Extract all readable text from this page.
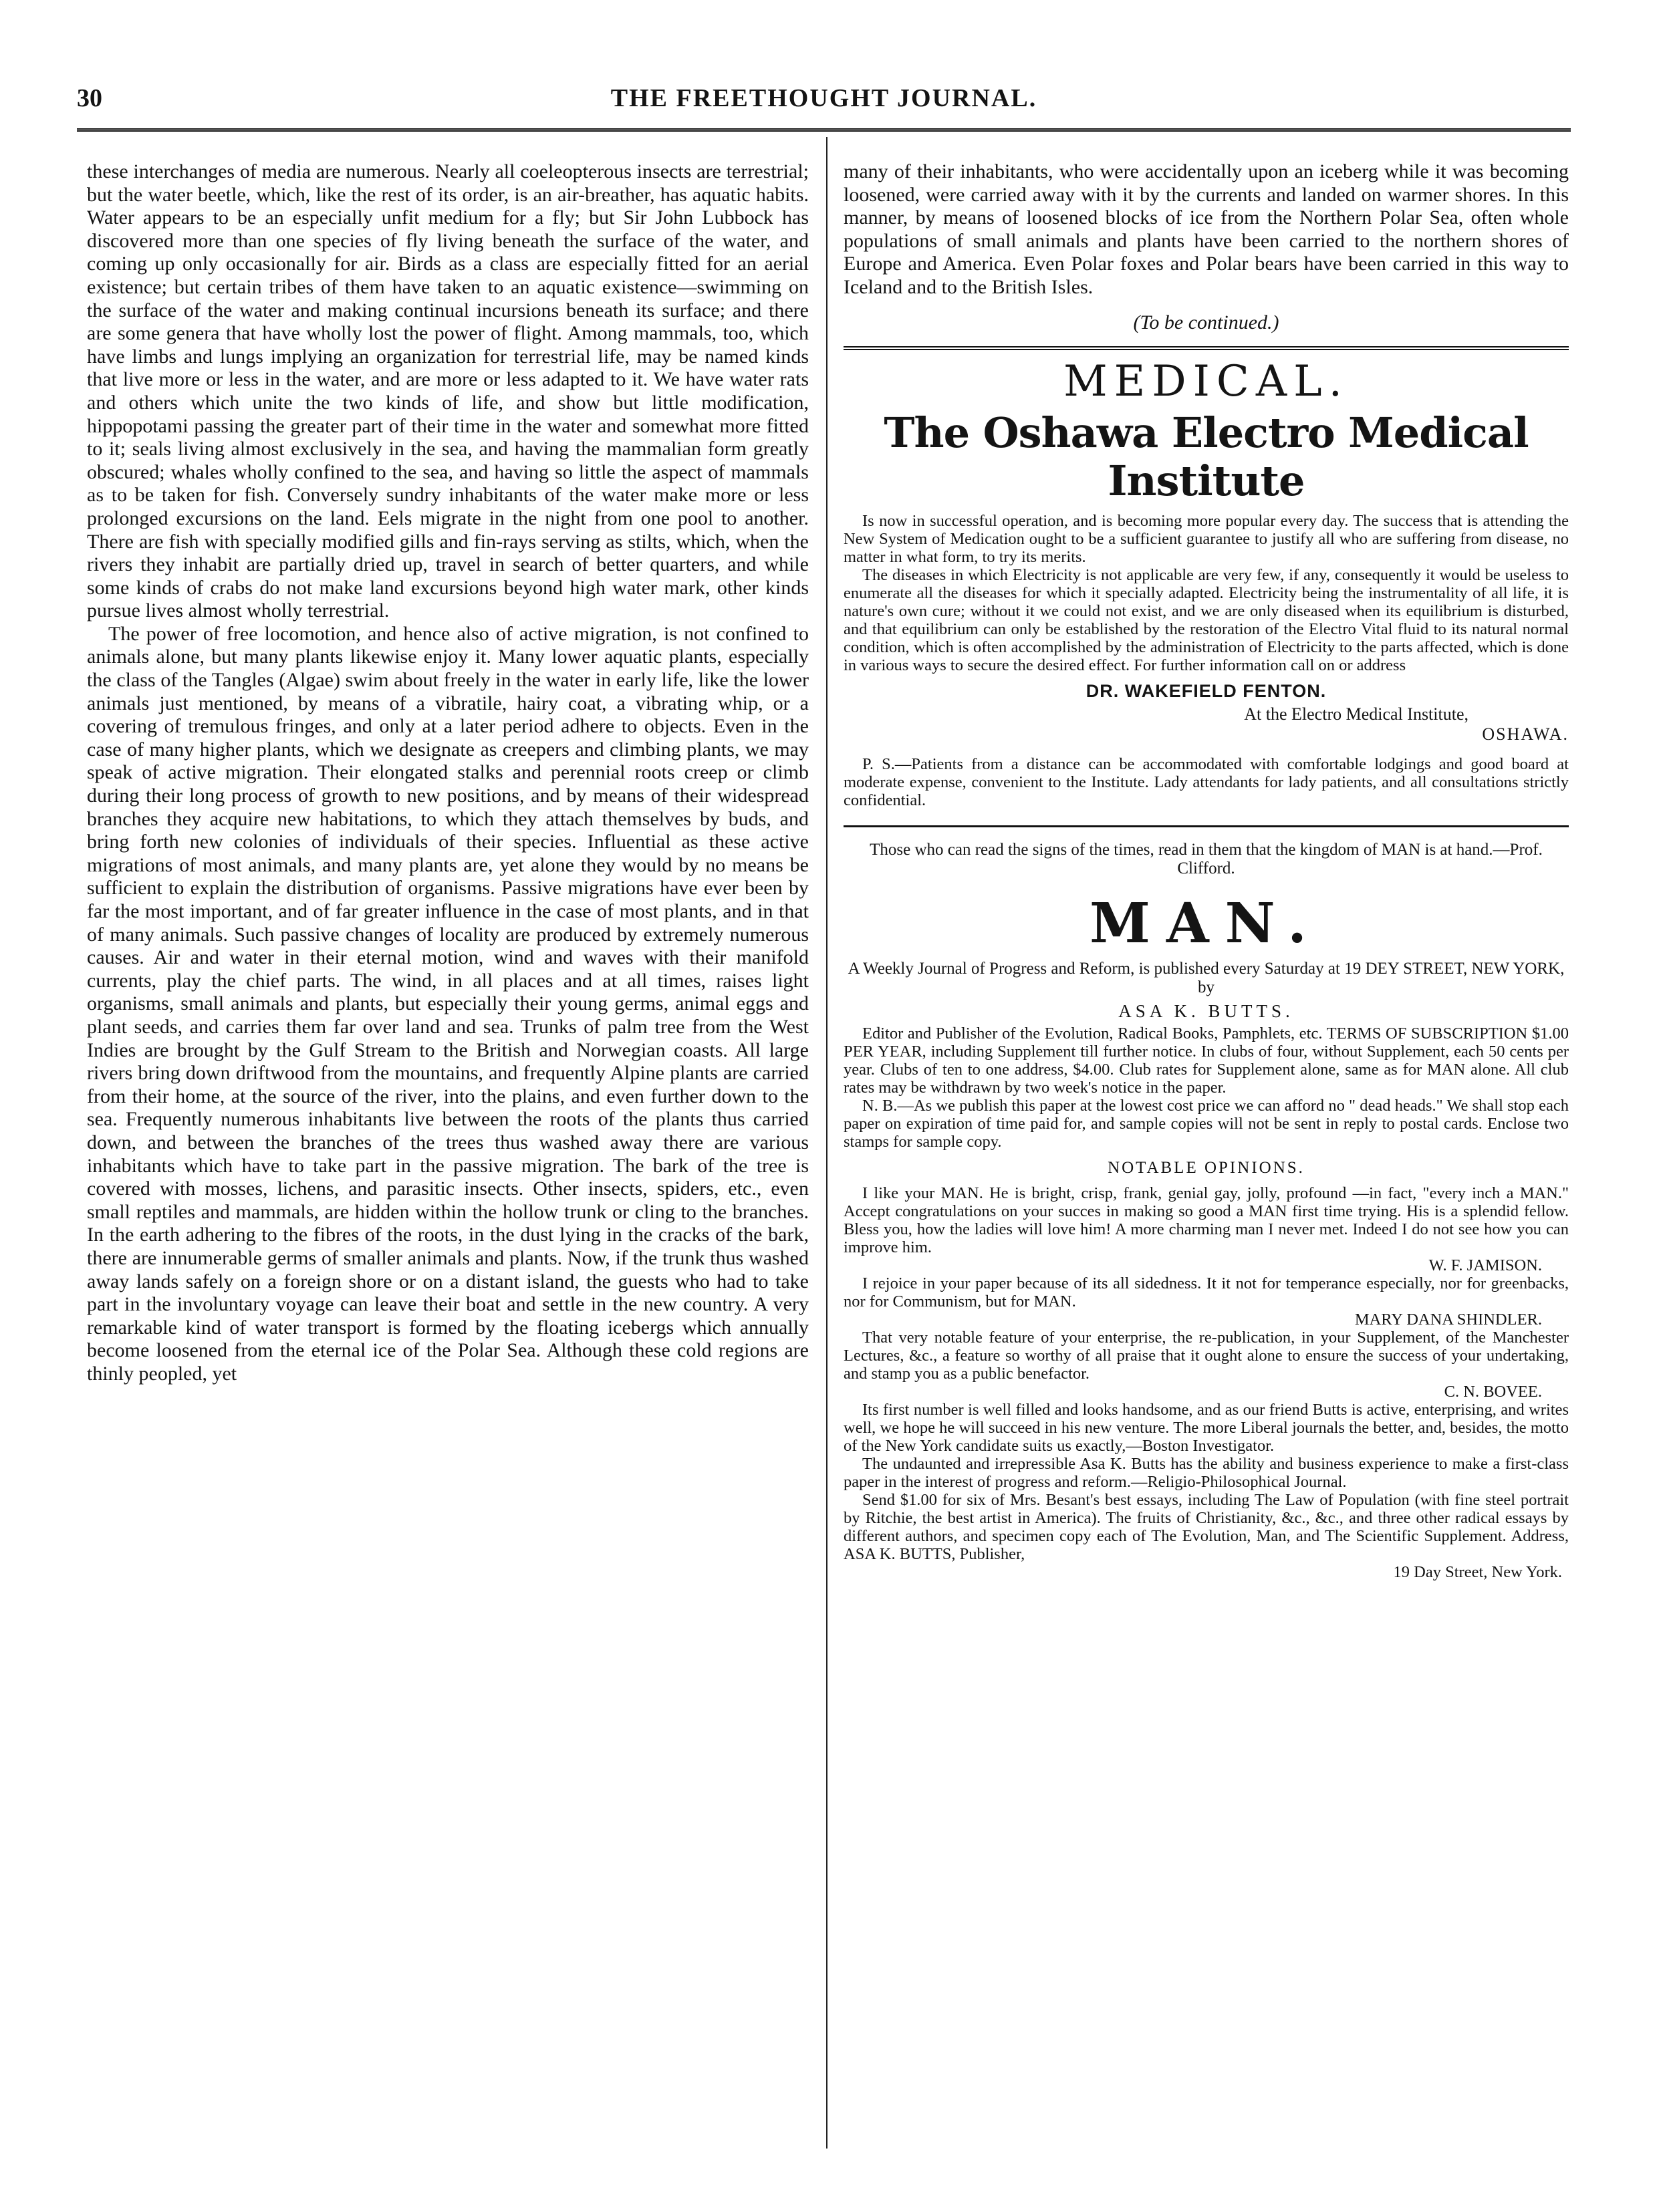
30	THE FREETHOUGHT JOURNAL.

these interchanges of media are numerous. Nearly all coeleopterous insects are terrestrial; but the water beetle, which, like the rest of its order, is an air-breather, has aquatic habits. Water appears to be an especially unfit medium for a fly; but Sir John Lubbock has discovered more than one species of fly living beneath the surface of the water, and coming up only occasionally for air. Birds as a class are especially fitted for an aerial existence; but certain tribes of them have taken to an aquatic existence—swimming on the surface of the water and making continual incursions beneath its surface; and there are some genera that have wholly lost the power of flight. Among mammals, too, which have limbs and lungs implying an organization for terrestrial life, may be named kinds that live more or less in the water, and are more or less adapted to it. We have water rats and others which unite the two kinds of life, and show but little modification, hippopotami passing the greater part of their time in the water and somewhat more fitted to it; seals living almost exclusively in the sea, and having the mammalian form greatly obscured; whales wholly confined to the sea, and having so little the aspect of mammals as to be taken for fish. Conversely sundry inhabitants of the water make more or less prolonged excursions on the land. Eels migrate in the night from one pool to another. There are fish with specially modified gills and fin-rays serving as stilts, which, when the rivers they inhabit are partially dried up, travel in search of better quarters, and while some kinds of crabs do not make land excursions beyond high water mark, other kinds pursue lives almost wholly terrestrial.

The power of free locomotion, and hence also of active migration, is not confined to animals alone, but many plants likewise enjoy it. Many lower aquatic plants, especially the class of the Tangles (Algae) swim about freely in the water in early life, like the lower animals just mentioned, by means of a vibratile, hairy coat, a vibrating whip, or a covering of tremulous fringes, and only at a later period adhere to objects. Even in the case of many higher plants, which we designate as creepers and climbing plants, we may speak of active migration. Their elongated stalks and perennial roots creep or climb during their long process of growth to new positions, and by means of their widespread branches they acquire new habitations, to which they attach themselves by buds, and bring forth new colonies of individuals of their species. Influential as these active migrations of most animals, and many plants are, yet alone they would by no means be sufficient to explain the distribution of organisms. Passive migrations have ever been by far the most important, and of far greater influence in the case of most plants, and in that of many animals. Such passive changes of locality are produced by extremely numerous causes. Air and water in their eternal motion, wind and waves with their manifold currents, play the chief parts. The wind, in all places and at all times, raises light organisms, small animals and plants, but especially their young germs, animal eggs and plant seeds, and carries them far over land and sea. Trunks of palm tree from the West Indies are brought by the Gulf Stream to the British and Norwegian coasts. All large rivers bring down driftwood from the mountains, and frequently Alpine plants are carried from their home, at the source of the river, into the plains, and even further down to the sea. Frequently numerous inhabitants live between the roots of the plants thus carried down, and between the branches of the trees thus washed away there are various inhabitants which have to take part in the passive migration. The bark of the tree is covered with mosses, lichens, and parasitic insects. Other insects, spiders, etc., even small reptiles and mammals, are hidden within the hollow trunk or cling to the branches. In the earth adhering to the fibres of the roots, in the dust lying in the cracks of the bark, there are innumerable germs of smaller animals and plants. Now, if the trunk thus washed away lands safely on a foreign shore or on a distant island, the guests who had to take part in the involuntary voyage can leave their boat and settle in the new country. A very remarkable kind of water transport is formed by the floating icebergs which annually become loosened from the eternal ice of the Polar Sea. Although these cold regions are thinly peopled, yet

many of their inhabitants, who were accidentally upon an iceberg while it was becoming loosened, were carried away with it by the currents and landed on warmer shores. In this manner, by means of loosened blocks of ice from the Northern Polar Sea, often whole populations of small animals and plants have been carried to the northern shores of Europe and America. Even Polar foxes and Polar bears have been carried in this way to Iceland and to the British Isles.

(To be continued.)
MEDICAL.
The Oshawa Electro Medical Institute

Is now in successful operation, and is becoming more popular every day. The success that is attending the New System of Medication ought to be a sufficient guarantee to justify all who are suffering from disease, no matter in what form, to try its merits.

The diseases in which Electricity is not applicable are very few, if any, consequently it would be useless to enumerate all the diseases for which it specially adapted. Electricity being the instrumentality of all life, it is nature's own cure; without it we could not exist, and we are only diseased when its equilibrium is disturbed, and that equilibrium can only be established by the restoration of the Electro Vital fluid to its natural normal condition, which is often accomplished by the administration of Electricity to the parts affected, which is done in various ways to secure the desired effect. For further information call on or address

DR. WAKEFIELD FENTON.
At the Electro Medical Institute,
OSHAWA.

P. S.—Patients from a distance can be accommodated with comfortable lodgings and good board at moderate expense, convenient to the Institute. Lady attendants for lady patients, and all consultations strictly confidential.

Those who can read the signs of the times, read in them that the kingdom of MAN is at hand.—Prof. Clifford.
MAN.
A Weekly Journal of Progress and Reform, is published every Saturday at 19 DEY STREET, NEW YORK, by
ASA K. BUTTS.

Editor and Publisher of the Evolution, Radical Books, Pamphlets, etc. TERMS OF SUBSCRIPTION $1.00 PER YEAR, including Supplement till further notice. In clubs of four, without Supplement, each 50 cents per year. Clubs of ten to one address, $4.00. Club rates for Supplement alone, same as for MAN alone. All club rates may be withdrawn by two week's notice in the paper.

N. B.—As we publish this paper at the lowest cost price we can afford no " dead heads." We shall stop each paper on expiration of time paid for, and sample copies will not be sent in reply to postal cards. Enclose two stamps for sample copy.

NOTABLE OPINIONS.

I like your MAN. He is bright, crisp, frank, genial gay, jolly, profound —in fact, "every inch a MAN." Accept congratulations on your succes in making so good a MAN first time trying. His is a splendid fellow. Bless you, how the ladies will love him! A more charming man I never met. Indeed I do not see how you can improve him.

W. F. JAMISON.

I rejoice in your paper because of its all sidedness. It it not for temperance especially, nor for greenbacks, nor for Communism, but for MAN.

MARY DANA SHINDLER.

That very notable feature of your enterprise, the re-publication, in your Supplement, of the Manchester Lectures, &c., a feature so worthy of all praise that it ought alone to ensure the success of your undertaking, and stamp you as a public benefactor.

C. N. BOVEE.

Its first number is well filled and looks handsome, and as our friend Butts is active, enterprising, and writes well, we hope he will succeed in his new venture. The more Liberal journals the better, and, besides, the motto of the New York candidate suits us exactly,—Boston Investigator.

The undaunted and irrepressible Asa K. Butts has the ability and business experience to make a first-class paper in the interest of progress and reform.—Religio-Philosophical Journal.

Send $1.00 for six of Mrs. Besant's best essays, including The Law of Population (with fine steel portrait by Ritchie, the best artist in America). The fruits of Christianity, &c., &c., and three other radical essays by different authors, and specimen copy each of The Evolution, Man, and The Scientific Supplement. Address, ASA K. BUTTS, Publisher,

19 Day Street, New York.
